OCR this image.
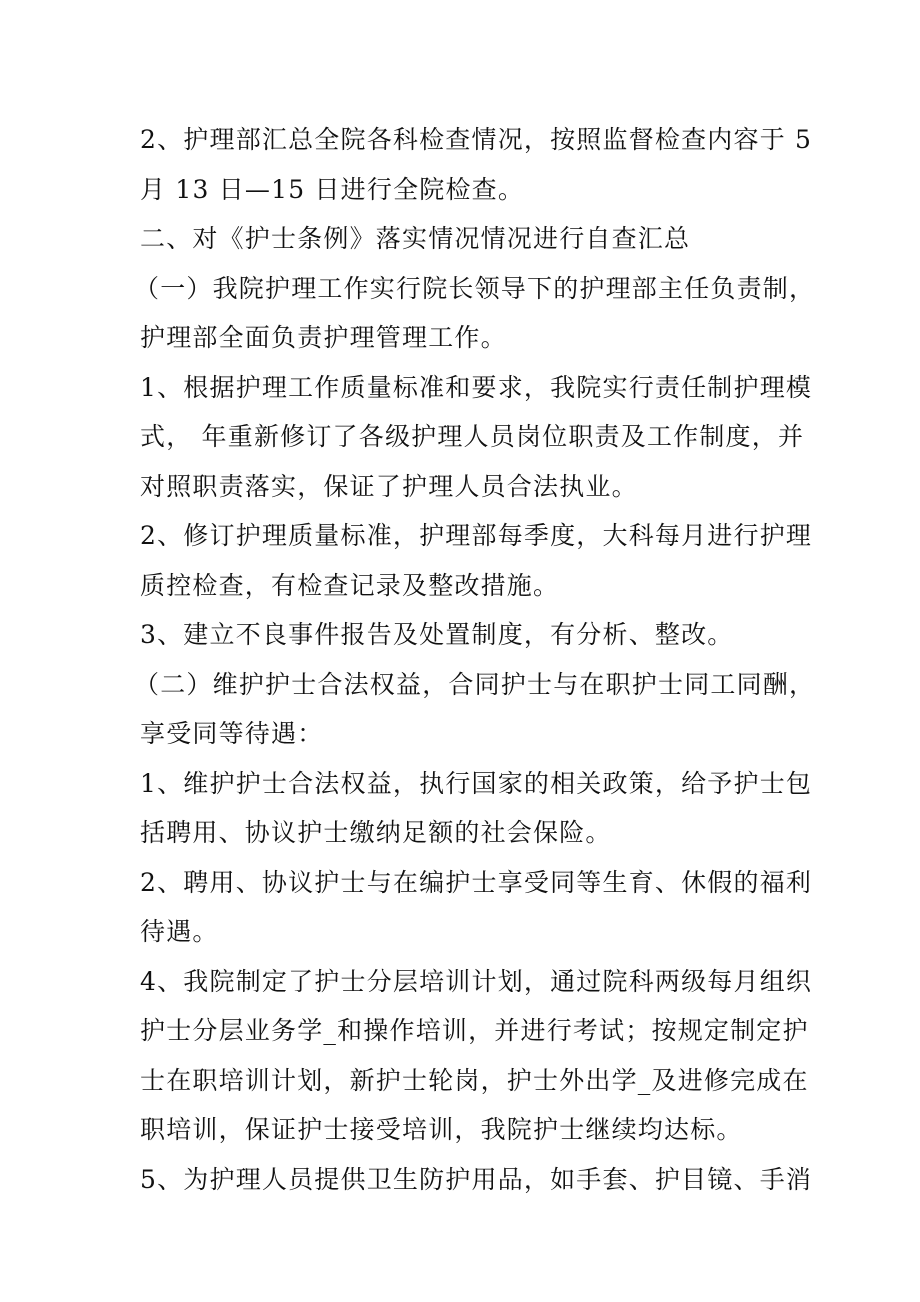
2、护理部汇总全院各科检查情况，按照监督检查内容于 5
月 13 日—15 日进行全院检查。

二、对《护士条例》落实情况情况进行自查汇总

（一）我院护理工作实行院长领导下的护理部主任负责制，
护理部全面负责护理管理工作。

1、根据护理工作质量标准和要求，我院实行责任制护理模
式， 年重新修订了各级护理人员岗位职责及工作制度，并
对照职责落实，保证了护理人员合法执业。

2、修订护理质量标准，护理部每季度，大科每月进行护理
质控检查，有检查记录及整改措施。

3、建立不良事件报告及处置制度，有分析、整改。

（二）维护护士合法权益，合同护士与在职护士同工同酬，
享受同等待遇：

1、维护护士合法权益，执行国家的相关政策，给予护士包
括聘用、协议护士缴纳足额的社会保险。

2、聘用、协议护士与在编护士享受同等生育、休假的福利
待遇。

4、我院制定了护士分层培训计划，通过院科两级每月组织
护士分层业务学_和操作培训，并进行考试；按规定制定护
士在职培训计划，新护士轮岗，护士外出学_及进修完成在
职培训，保证护士接受培训，我院护士继续均达标。

5、为护理人员提供卫生防护用品，如手套、护目镜、手消
